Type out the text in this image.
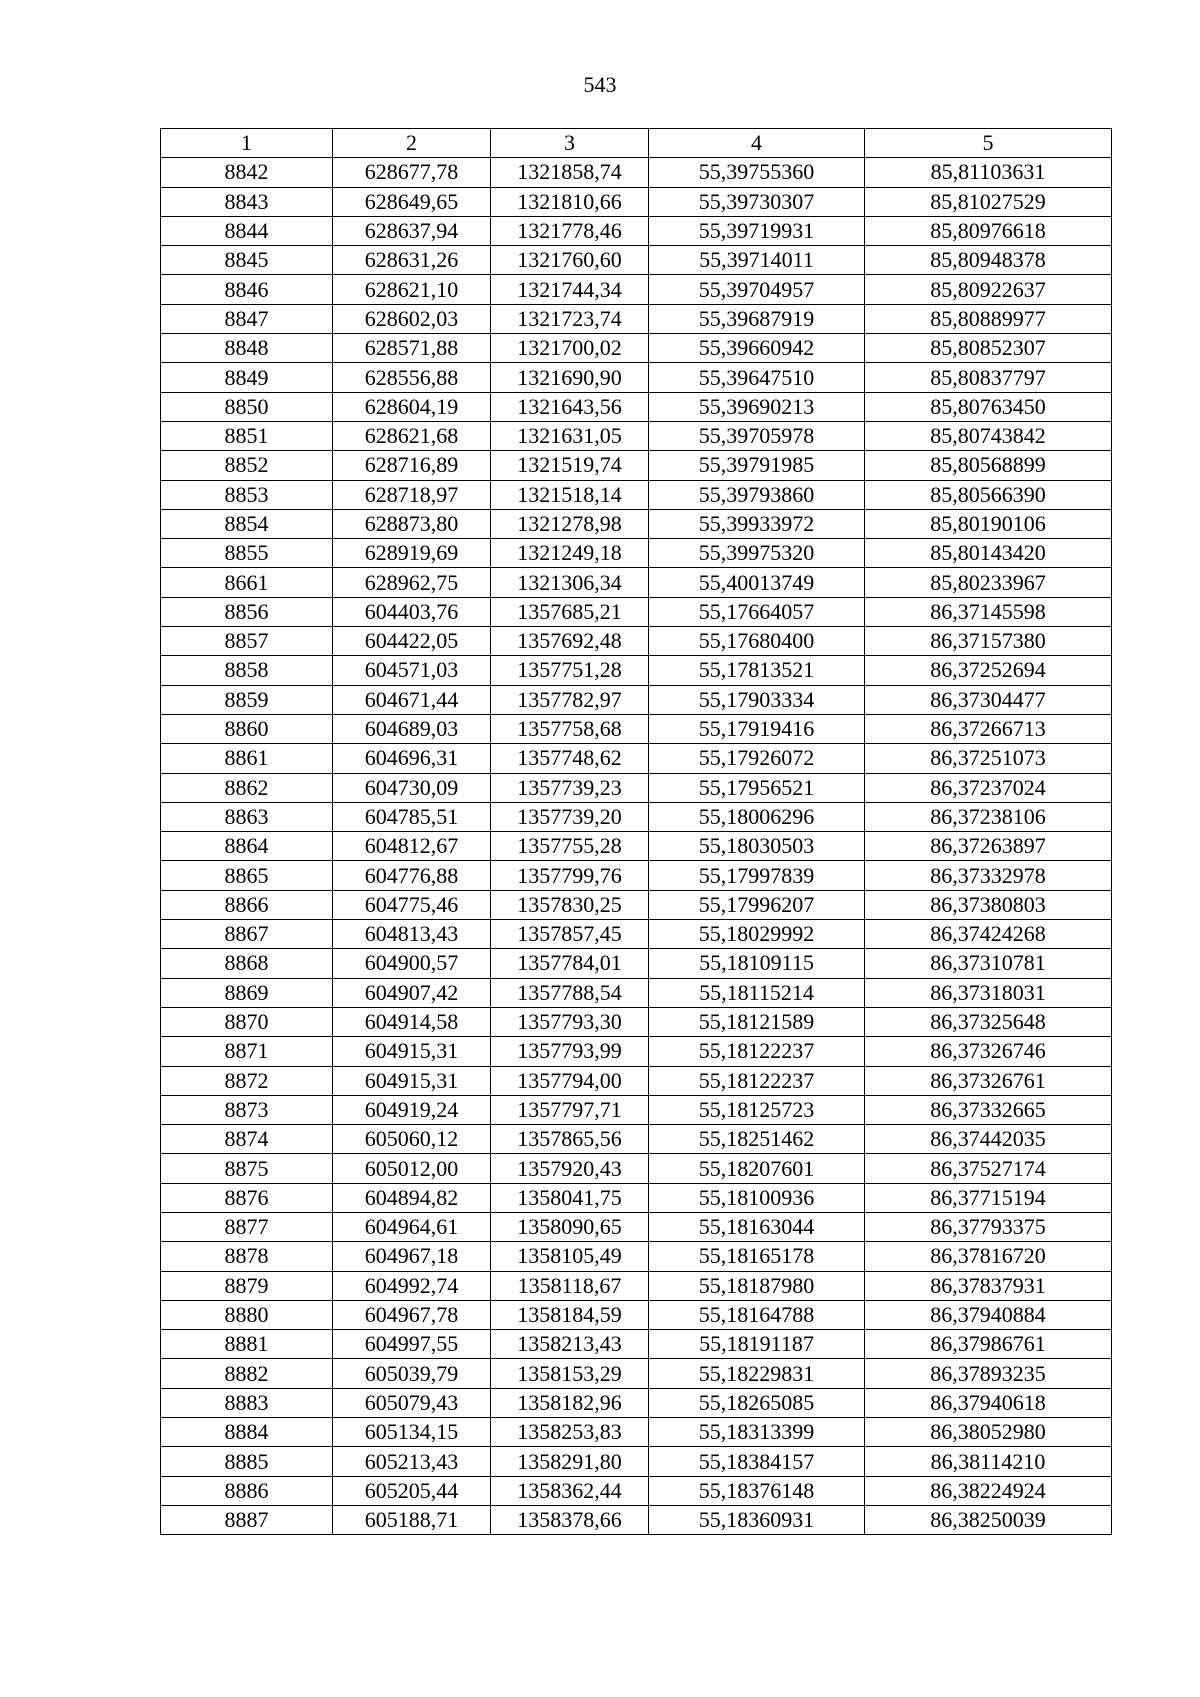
543
1	2	3	4	5
8842	628677,78	1321858,74	55,39755360	85,81103631
8843	628649,65	1321810,66	55,39730307	85,81027529
8844	628637,94	1321778,46	55,39719931	85,80976618
8845	628631,26	1321760,60	55,39714011	85,80948378
8846	628621,10	1321744,34	55,39704957	85,80922637
8847	628602,03	1321723,74	55,39687919	85,80889977
8848	628571,88	1321700,02	55,39660942	85,80852307
8849	628556,88	1321690,90	55,39647510	85,80837797
8850	628604,19	1321643,56	55,39690213	85,80763450
8851	628621,68	1321631,05	55,39705978	85,80743842
8852	628716,89	1321519,74	55,39791985	85,80568899
8853	628718,97	1321518,14	55,39793860	85,80566390
8854	628873,80	1321278,98	55,39933972	85,80190106
8855	628919,69	1321249,18	55,39975320	85,80143420
8661	628962,75	1321306,34	55,40013749	85,80233967
8856	604403,76	1357685,21	55,17664057	86,37145598
8857	604422,05	1357692,48	55,17680400	86,37157380
8858	604571,03	1357751,28	55,17813521	86,37252694
8859	604671,44	1357782,97	55,17903334	86,37304477
8860	604689,03	1357758,68	55,17919416	86,37266713
8861	604696,31	1357748,62	55,17926072	86,37251073
8862	604730,09	1357739,23	55,17956521	86,37237024
8863	604785,51	1357739,20	55,18006296	86,37238106
8864	604812,67	1357755,28	55,18030503	86,37263897
8865	604776,88	1357799,76	55,17997839	86,37332978
8866	604775,46	1357830,25	55,17996207	86,37380803
8867	604813,43	1357857,45	55,18029992	86,37424268
8868	604900,57	1357784,01	55,18109115	86,37310781
8869	604907,42	1357788,54	55,18115214	86,37318031
8870	604914,58	1357793,30	55,18121589	86,37325648
8871	604915,31	1357793,99	55,18122237	86,37326746
8872	604915,31	1357794,00	55,18122237	86,37326761
8873	604919,24	1357797,71	55,18125723	86,37332665
8874	605060,12	1357865,56	55,18251462	86,37442035
8875	605012,00	1357920,43	55,18207601	86,37527174
8876	604894,82	1358041,75	55,18100936	86,37715194
8877	604964,61	1358090,65	55,18163044	86,37793375
8878	604967,18	1358105,49	55,18165178	86,37816720
8879	604992,74	1358118,67	55,18187980	86,37837931
8880	604967,78	1358184,59	55,18164788	86,37940884
8881	604997,55	1358213,43	55,18191187	86,37986761
8882	605039,79	1358153,29	55,18229831	86,37893235
8883	605079,43	1358182,96	55,18265085	86,37940618
8884	605134,15	1358253,83	55,18313399	86,38052980
8885	605213,43	1358291,80	55,18384157	86,38114210
8886	605205,44	1358362,44	55,18376148	86,38224924
8887	605188,71	1358378,66	55,18360931	86,38250039
